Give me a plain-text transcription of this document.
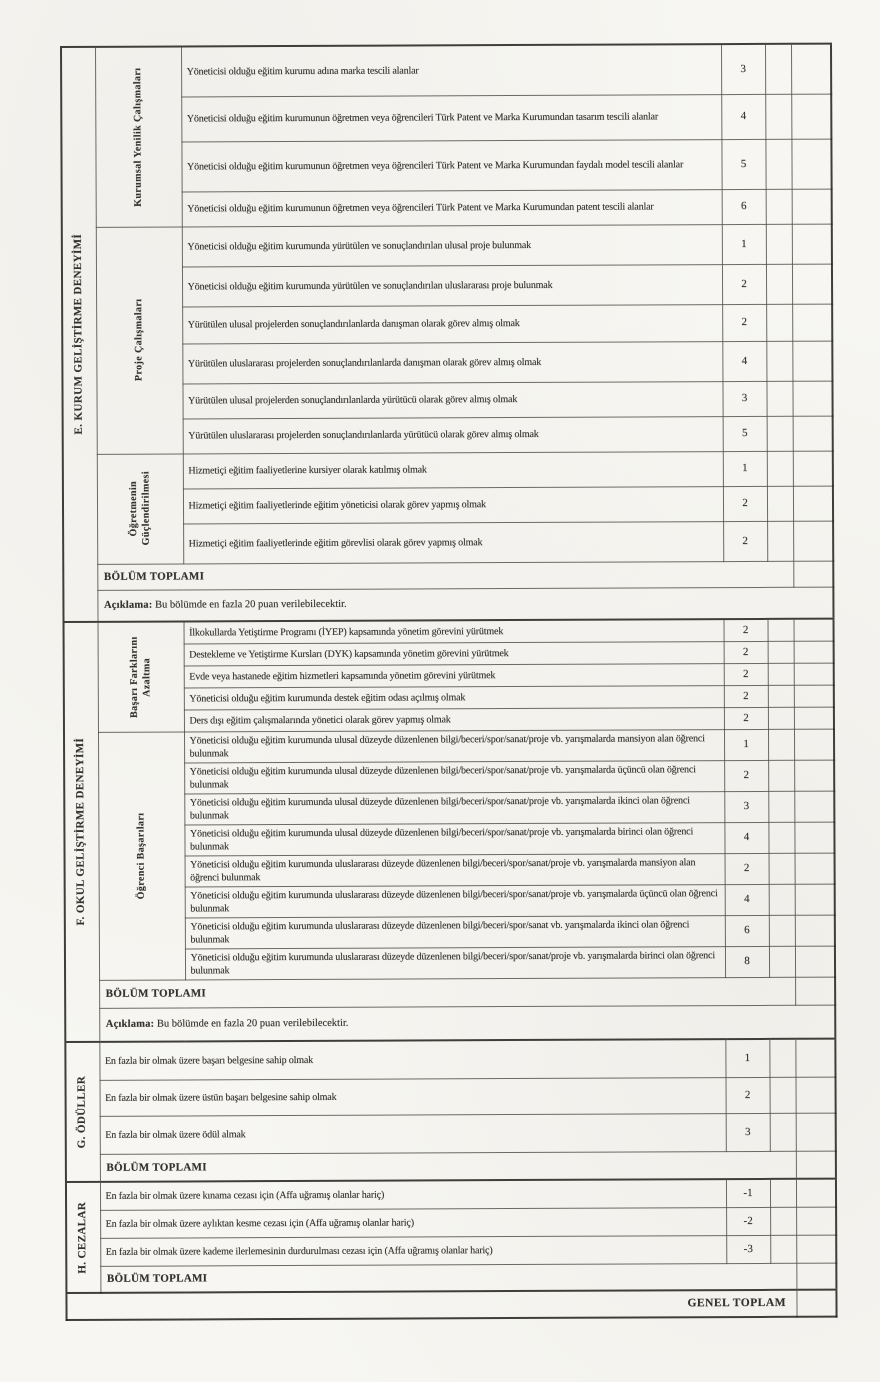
E. KURUM GELİŞTİRME DENEYİMİ	Kurumsal Yenilik Çalışmaları	Yöneticisi olduğu eğitim kurumu adına marka tescili alanlar	3		
		Yöneticisi olduğu eğitim kurumunun öğretmen veya öğrencileri Türk Patent ve Marka Kurumundan tasarım tescili alanlar	4		
		Yöneticisi olduğu eğitim kurumunun öğretmen veya öğrencileri Türk Patent ve Marka Kurumundan faydalı model tescili alanlar	5		
		Yöneticisi olduğu eğitim kurumunun öğretmen veya öğrencileri Türk Patent ve Marka Kurumundan patent tescili alanlar	6		

	Proje Çalışmaları	Yöneticisi olduğu eğitim kurumunda yürütülen ve sonuçlandırılan ulusal proje bulunmak	1		
		Yöneticisi olduğu eğitim kurumunda yürütülen ve sonuçlandırılan uluslararası proje bulunmak	2		
		Yürütülen ulusal projelerden sonuçlandırılanlarda danışman olarak görev almış olmak	2		
		Yürütülen uluslararası projelerden sonuçlandırılanlarda danışman olarak görev almış olmak	4		
		Yürütülen ulusal projelerden sonuçlandırılanlarda yürütücü olarak görev almış olmak	3		
		Yürütülen uluslararası projelerden sonuçlandırılanlarda yürütücü olarak görev almış olmak	5		

	Öğretmenin Güçlendirilmesi	Hizmetiçi eğitim faaliyetlerine kursiyer olarak katılmış olmak	1		
		Hizmetiçi eğitim faaliyetlerinde eğitim yöneticisi olarak görev yapmış olmak	2		
		Hizmetiçi eğitim faaliyetlerinde eğitim görevlisi olarak görev yapmış olmak	2		
	BÖLÜM TOPLAMI				
	Açıklama: Bu bölümde en fazla 20 puan verilebilecektir.				

F. OKUL GELİŞTİRME DENEYİMİ	Başarı Farklarını Azaltma	İlkokullarda Yetiştirme Programı (İYEP) kapsamında yönetim görevini yürütmek	2		
		Destekleme ve Yetiştirme Kursları (DYK) kapsamında yönetim görevini yürütmek	2		
		Evde veya hastanede eğitim hizmetleri kapsamında yönetim görevini yürütmek	2		
		Yöneticisi olduğu eğitim kurumunda destek eğitim odası açılmış olmak	2		
		Ders dışı eğitim çalışmalarında yönetici olarak görev yapmış olmak	2		

	Öğrenci Başarıları	Yöneticisi olduğu eğitim kurumunda ulusal düzeyde düzenlenen bilgi/beceri/spor/sanat/proje vb. yarışmalarda mansiyon alan öğrenci bulunmak	1		
		Yöneticisi olduğu eğitim kurumunda ulusal düzeyde düzenlenen bilgi/beceri/spor/sanat/proje vb. yarışmalarda üçüncü olan öğrenci bulunmak	2		
		Yöneticisi olduğu eğitim kurumunda ulusal düzeyde düzenlenen bilgi/beceri/spor/sanat/proje vb. yarışmalarda ikinci olan öğrenci bulunmak	3		
		Yöneticisi olduğu eğitim kurumunda ulusal düzeyde düzenlenen bilgi/beceri/spor/sanat/proje vb. yarışmalarda birinci olan öğrenci bulunmak	4		
		Yöneticisi olduğu eğitim kurumunda uluslararası düzeyde düzenlenen bilgi/beceri/spor/sanat/proje vb. yarışmalarda mansiyon alan öğrenci bulunmak	2		
		Yöneticisi olduğu eğitim kurumunda uluslararası düzeyde düzenlenen bilgi/beceri/spor/sanat/proje vb. yarışmalarda üçüncü olan öğrenci bulunmak	4		
		Yöneticisi olduğu eğitim kurumunda uluslararası düzeyde düzenlenen bilgi/beceri/spor/sanat vb. yarışmalarda ikinci olan öğrenci bulunmak	6		
		Yöneticisi olduğu eğitim kurumunda uluslararası düzeyde düzenlenen bilgi/beceri/spor/sanat/proje vb. yarışmalarda birinci olan öğrenci bulunmak	8		
	BÖLÜM TOPLAMI				
	Açıklama: Bu bölümde en fazla 20 puan verilebilecektir.				

G. ÖDÜLLER	En fazla bir olmak üzere başarı belgesine sahip olmak		1		
	En fazla bir olmak üzere üstün başarı belgesine sahip olmak		2		
	En fazla bir olmak üzere ödül almak		3		
	BÖLÜM TOPLAMI				

H. CEZALAR	En fazla bir olmak üzere kınama cezası için (Affa uğramış olanlar hariç)		-1		
	En fazla bir olmak üzere aylıktan kesme cezası için (Affa uğramış olanlar hariç)		-2		
	En fazla bir olmak üzere kademe ilerlemesinin durdurulması cezası için (Affa uğramış olanlar hariç)		-3		
	BÖLÜM TOPLAMI				
GENEL TOPLAM					
